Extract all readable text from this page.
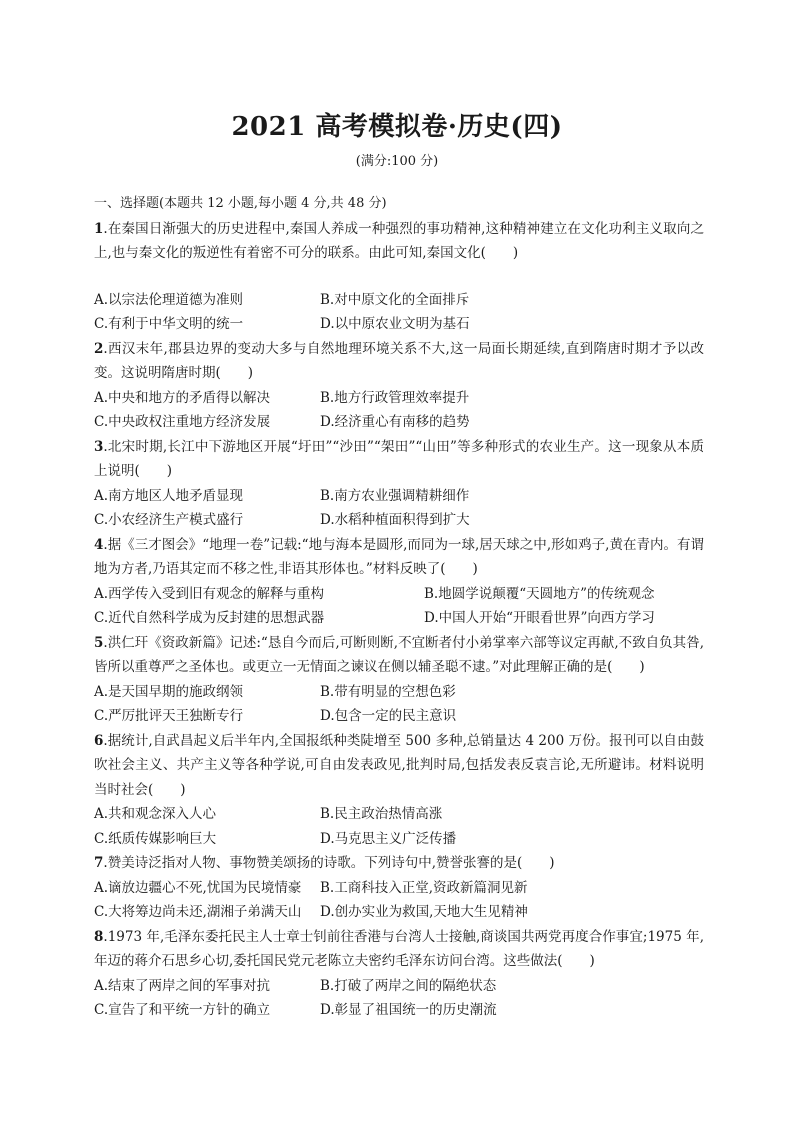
2021 高考模拟卷·历史(四)
(满分:100 分)
一、选择题(本题共 12 小题,每小题 4 分,共 48 分)

1.在秦国日渐强大的历史进程中,秦国人养成一种强烈的事功精神,这种精神建立在文化功利主义取向之上,也与秦文化的叛逆性有着密不可分的联系。由此可知,秦国文化(　　)

A.以宗法伦理道德为准则	B.对中原文化的全面排斥
C.有利于中华文明的统一	D.以中原农业文明为基石

2.西汉末年,郡县边界的变动大多与自然地理环境关系不大,这一局面长期延续,直到隋唐时期才予以改变。这说明隋唐时期(　　)

A.中央和地方的矛盾得以解决	B.地方行政管理效率提升
C.中央政权注重地方经济发展	D.经济重心有南移的趋势

3.北宋时期,长江中下游地区开展“圩田”“沙田”“架田”“山田”等多种形式的农业生产。这一现象从本质上说明(　　)

A.南方地区人地矛盾显现	B.南方农业强调精耕细作
C.小农经济生产模式盛行	D.水稻种植面积得到扩大

4.据《三才图会》“地理一卷”记载:“地与海本是圆形,而同为一球,居天球之中,形如鸡子,黄在青内。有谓地为方者,乃语其定而不移之性,非语其形体也。”材料反映了(　　)

A.西学传入受到旧有观念的解释与重构	B.地圆学说颠覆“天圆地方”的传统观念
C.近代自然科学成为反封建的思想武器	D.中国人开始“开眼看世界”向西方学习

5.洪仁玕《资政新篇》记述:“恳自今而后,可断则断,不宜断者付小弟掌率六部等议定再献,不致自负其咎,皆所以重尊严之圣体也。或更立一无情面之谏议在侧以辅圣聪不逮。”对此理解正确的是(　　)

A.是天国早期的施政纲领	B.带有明显的空想色彩
C.严厉批评天王独断专行	D.包含一定的民主意识

6.据统计,自武昌起义后半年内,全国报纸种类陡增至 500 多种,总销量达 4 200 万份。报刊可以自由鼓吹社会主义、共产主义等各种学说,可自由发表政见,批判时局,包括发表反袁言论,无所避讳。材料说明当时社会(　　)

A.共和观念深入人心	B.民主政治热情高涨
C.纸质传媒影响巨大	D.马克思主义广泛传播

7.赞美诗泛指对人物、事物赞美颂扬的诗歌。下列诗句中,赞誉张謇的是(　　)

A.谪放边疆心不死,忧国为民境情豪	B.工商科技入正堂,资政新篇洞见新
C.大将筹边尚未还,湖湘子弟满天山	D.创办实业为救国,天地大生见精神

8.1973 年,毛泽东委托民主人士章士钊前往香港与台湾人士接触,商谈国共两党再度合作事宜;1975 年,年迈的蒋介石思乡心切,委托国民党元老陈立夫密约毛泽东访问台湾。这些做法(　　)

A.结束了两岸之间的军事对抗	B.打破了两岸之间的隔绝状态
C.宣告了和平统一方针的确立	D.彰显了祖国统一的历史潮流
